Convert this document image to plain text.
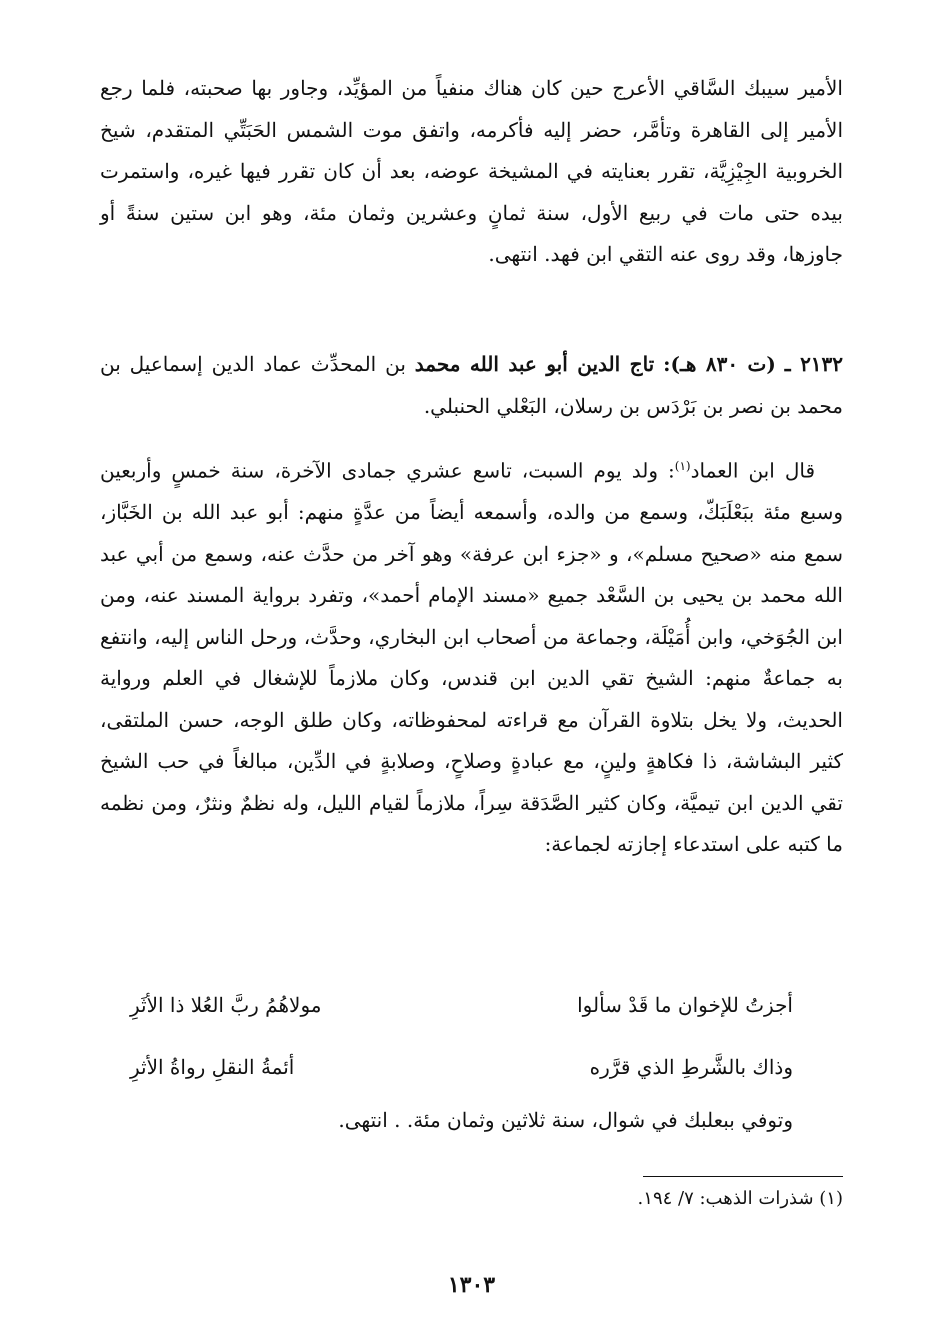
الأمير سيبك السَّاقي الأعرج حين كان هناك منفياً من المؤيِّد، وجاور بها صحبته، فلما رجع الأمير إلى القاهرة وتأمَّر، حضر إليه فأكرمه، واتفق موت الشمس الحَبَتِّي المتقدم، شيخ الخروبية الجِيْزِيَّة، تقرر بعنايته في المشيخة عوضه، بعد أن كان تقرر فيها غيره، واستمرت بيده حتى مات في ربيع الأول، سنة ثمانٍ وعشرين وثمان مئة، وهو ابن ستين سنةً أو جاوزها، وقد روى عنه التقي ابن فهد. انتهى.
٢١٣٢ ـ (ت ٨٣٠ هـ): تاج الدين أبو عبد الله محمد بن المحدِّث عماد الدين إسماعيل بن محمد بن نصر بن بَرْدَس بن رسلان، البَعْلي الحنبلي.
قال ابن العماد$^{(١)}$: ولد يوم السبت، تاسع عشري جمادى الآخرة، سنة خمسٍ وأربعين وسبع مئة ببَعْلَبَكّ، وسمع من والده، وأسمعه أيضاً من عدَّةٍ منهم: أبو عبد الله بن الخَبَّاز، سمع منه «صحيح مسلم»، و «جزء ابن عرفة» وهو آخر من حدَّث عنه، وسمع من أبي عبد الله محمد بن يحيى بن السَّعْد جميع «مسند الإمام أحمد»، وتفرد برواية المسند عنه، ومن ابن الجُوَخي، وابن أُمَيْلَة، وجماعة من أصحاب ابن البخاري، وحدَّث، ورحل الناس إليه، وانتفع به جماعةٌ منهم: الشيخ تقي الدين ابن قندس، وكان ملازماً للإشغال في العلم ورواية الحديث، ولا يخل بتلاوة القرآن مع قراءته لمحفوظاته، وكان طلق الوجه، حسن الملتقى، كثير البشاشة، ذا فكاهةٍ ولينٍ، مع عبادةٍ وصلاحٍ، وصلابةٍ في الدِّين، مبالغاً في حب الشيخ تقي الدين ابن تيميَّة، وكان كثير الصَّدَقة سِراً، ملازماً لقيام الليل، وله نظمٌ ونثرٌ، ومن نظمه ما كتبه على استدعاء إجازته لجماعة:
أجزتُ للإخوان ما قَدْ سألوا
مولاهُمُ ربَّ العُلا ذا الأثَرِ
وذاك بالشَّرطِ الذي قرَّره
أئمةُ النقلِ رواةُ الأثرِ
وتوفي ببعلبك في شوال، سنة ثلاثين وثمان مئة. . انتهى.
(١) شذرات الذهب: ٧/ ١٩٤.
١٣٠٣
